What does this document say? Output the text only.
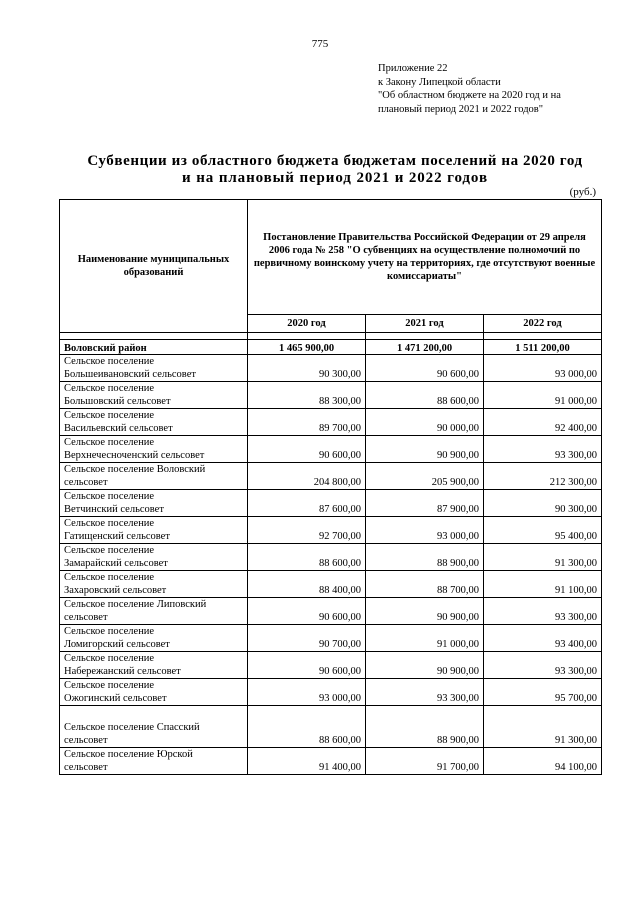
775
Приложение 22
к Закону Липецкой области
"Об областном бюджете на 2020 год и на
плановый период 2021 и 2022 годов"
Субвенции из областного бюджета бюджетам поселений на 2020 год
и на плановый период 2021 и 2022 годов
(руб.)
Наименование муниципальных образований	Постановление Правительства Российской Федерации от 29 апреля 2006 года № 258 "О субвенциях на осуществление полномочий по первичному воинскому учету на территориях, где отсутствуют военные комиссариаты"		
	2020 год	2021 год	2022 год

Воловский район	1 465 900,00	1 471 200,00	1 511 200,00

Сельское поселение
Большеивановский сельсовет	90 300,00	90 600,00	93 000,00

Сельское поселение
Большовский сельсовет	88 300,00	88 600,00	91 000,00

Сельское поселение
Васильевский сельсовет	89 700,00	90 000,00	92 400,00

Сельское поселение
Верхнечесноченский сельсовет	90 600,00	90 900,00	93 300,00

Сельское поселение Воловский
сельсовет	204 800,00	205 900,00	212 300,00

Сельское поселение
Ветчинский сельсовет	87 600,00	87 900,00	90 300,00

Сельское поселение
Гатищенский сельсовет	92 700,00	93 000,00	95 400,00

Сельское поселение
Замарайский сельсовет	88 600,00	88 900,00	91 300,00

Сельское поселение
Захаровский сельсовет	88 400,00	88 700,00	91 100,00

Сельское поселение Липовский
сельсовет	90 600,00	90 900,00	93 300,00

Сельское поселение
Ломигорский сельсовет	90 700,00	91 000,00	93 400,00

Сельское поселение
Набережанский сельсовет	90 600,00	90 900,00	93 300,00

Сельское поселение
Ожогинский сельсовет	93 000,00	93 300,00	95 700,00

Сельское поселение Спасский
сельсовет	88 600,00	88 900,00	91 300,00

Сельское поселение Юрской
сельсовет	91 400,00	91 700,00	94 100,00
